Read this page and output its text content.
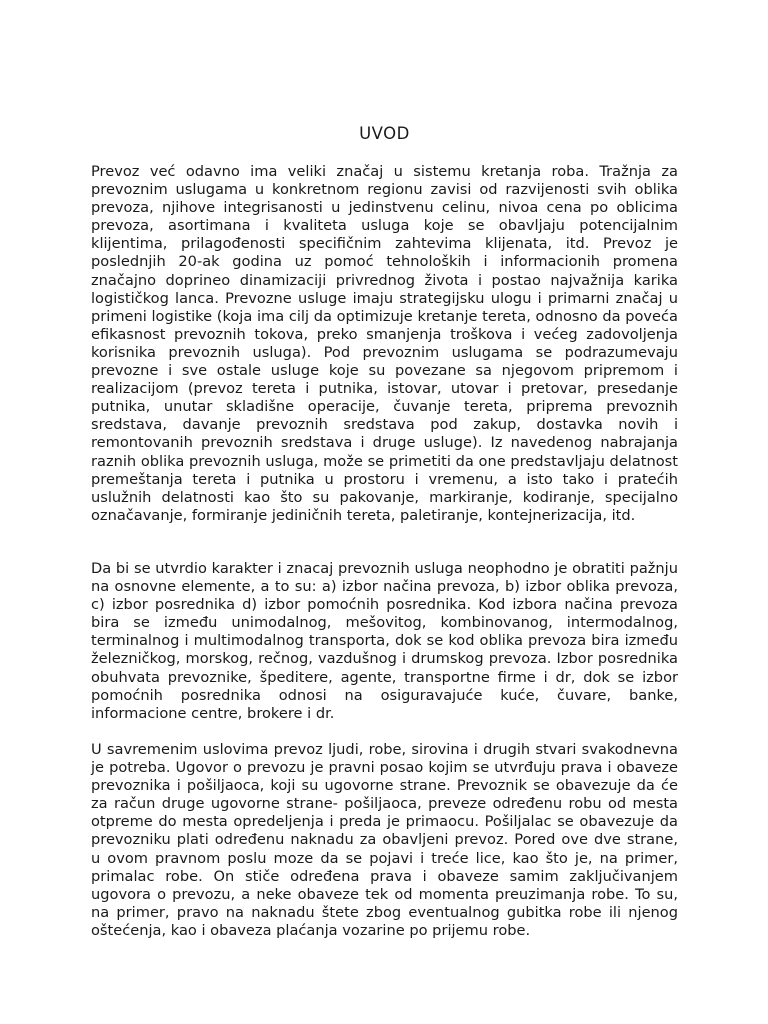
UVOD

Prevoz već odavno ima veliki značaj u sistemu kretanja roba. Tražnja za prevoznim uslugama u konkretnom regionu zavisi od razvijenosti svih oblika prevoza, njihove integrisanosti u jedinstvenu celinu, nivoa cena po oblicima prevoza, asortimana i kvaliteta usluga koje se obavljaju potencijalnim klijentima, prilagođenosti specifičnim zahtevima klijenata, itd. Prevoz je poslednjih 20-ak godina uz pomoć tehnoloških i informacionih promena značajno doprineo dinamizaciji privrednog života i postao najvažnija karika logističkog lanca. Prevozne usluge imaju strategijsku ulogu i primarni značaj u primeni logistike (koja ima cilj da optimizuje kretanje tereta, odnosno da poveća efikasnost prevoznih tokova, preko smanjenja troškova i većeg zadovoljenja korisnika prevoznih usluga). Pod prevoznim uslugama se podrazumevaju prevozne i sve ostale usluge koje su povezane sa njegovom pripremom i realizacijom (prevoz tereta i putnika, istovar, utovar i pretovar, presedanje putnika, unutar skladišne operacije, čuvanje tereta, priprema prevoznih sredstava, davanje prevoznih sredstava pod zakup, dostavka novih i remontovanih prevoznih sredstava i druge usluge). Iz navedenog nabrajanja raznih oblika prevoznih usluga, može se primetiti da one predstavljaju delatnost premeštanja tereta i putnika u prostoru i vremenu, a isto tako i pratećih uslužnih delatnosti kao što su pakovanje, markiranje, kodiranje, specijalno označavanje, formiranje jediničnih tereta, paletiranje, kontejnerizacija, itd.

Da bi se utvrdio karakter i znacaj prevoznih usluga neophodno je obratiti pažnju na osnovne elemente, a to su: a) izbor načina prevoza, b) izbor oblika prevoza, c) izbor posrednika d) izbor pomoćnih posrednika. Kod izbora načina prevoza bira se između unimodalnog, mešovitog, kombinovanog, intermodalnog, terminalnog i multimodalnog transporta, dok se kod oblika prevoza bira između železničkog, morskog, rečnog, vazdušnog i drumskog prevoza. Izbor posrednika obuhvata prevoznike, špeditere, agente, transportne firme i dr, dok se izbor pomoćnih posrednika odnosi na osiguravajuće kuće, čuvare, banke, informacione centre, brokere i dr.

U savremenim uslovima prevoz ljudi, robe, sirovina i drugih stvari svakodnevna je potreba. Ugovor o prevozu je pravni posao kojim se utvrđuju prava i obaveze prevoznika i pošiljaoca, koji su ugovorne strane. Prevoznik se obavezuje da će za račun druge ugovorne strane- pošiljaoca, preveze određenu robu od mesta otpreme do mesta opredeljenja i preda je primaocu. Pošiljalac se obavezuje da prevozniku plati određenu naknadu za obavljeni prevoz. Pored ove dve strane, u ovom pravnom poslu moze da se pojavi i treće lice, kao što je, na primer, primalac robe. On stiče određena prava i obaveze samim zaključivanjem ugovora o prevozu, a neke obaveze tek od momenta preuzimanja robe. To su, na primer, pravo na naknadu štete zbog eventualnog gubitka robe ili njenog oštećenja, kao i obaveza plaćanja vozarine po prijemu robe.
